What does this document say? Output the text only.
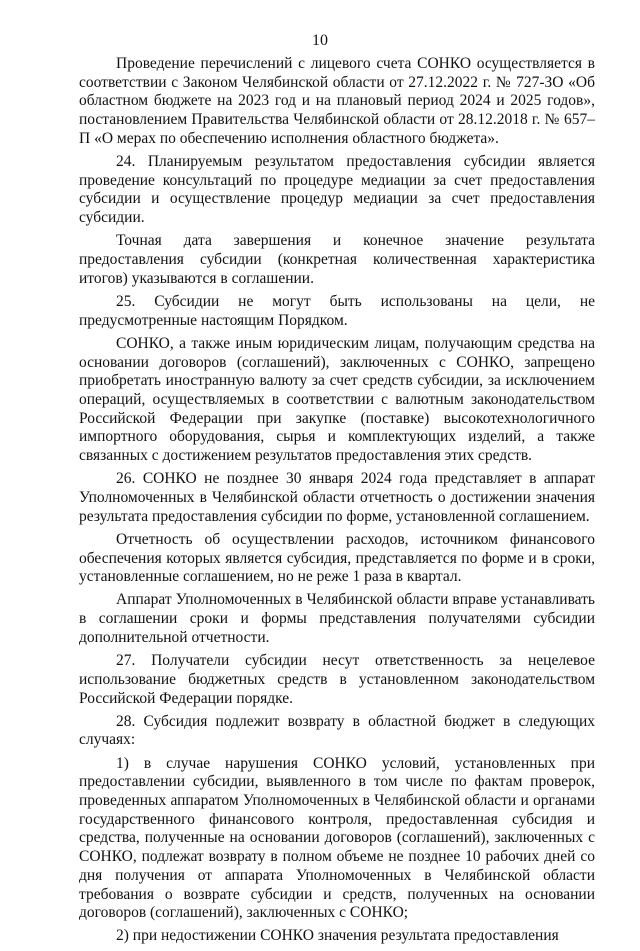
10

Проведение перечислений с лицевого счета СОНКО осуществляется в соответствии с Законом Челябинской области от 27.12.2022 г. № 727-ЗО «Об областном бюджете на 2023 год и на плановый период 2024 и 2025 годов», постановлением Правительства Челябинской области от 28.12.2018 г. № 657–П «О мерах по обеспечению исполнения областного бюджета».

24. Планируемым результатом предоставления субсидии является проведение консультаций по процедуре медиации за счет предоставления субсидии и осуществление процедур медиации за счет предоставления субсидии.

Точная дата завершения и конечное значение результата предоставления субсидии (конкретная количественная характеристика итогов) указываются в соглашении.

25. Субсидии не могут быть использованы на цели, не предусмотренные настоящим Порядком.

СОНКО, а также иным юридическим лицам, получающим средства на основании договоров (соглашений), заключенных с СОНКО, запрещено приобретать иностранную валюту за счет средств субсидии, за исключением операций, осуществляемых в соответствии с валютным законодательством Российской Федерации при закупке (поставке) высокотехнологичного импортного оборудования, сырья и комплектующих изделий, а также связанных с достижением результатов предоставления этих средств.

26. СОНКО не позднее 30 января 2024 года представляет в аппарат Уполномоченных в Челябинской области отчетность о достижении значения результата предоставления субсидии по форме, установленной соглашением.

Отчетность об осуществлении расходов, источником финансового обеспечения которых является субсидия, представляется по форме и в сроки, установленные соглашением, но не реже 1 раза в квартал.

Аппарат Уполномоченных в Челябинской области вправе устанавливать в соглашении сроки и формы представления получателями субсидии дополнительной отчетности.

27. Получатели субсидии несут ответственность за нецелевое использование бюджетных средств в установленном законодательством Российской Федерации порядке.

28. Субсидия подлежит возврату в областной бюджет в следующих случаях:

1) в случае нарушения СОНКО условий, установленных при предоставлении субсидии, выявленного в том числе по фактам проверок, проведенных аппаратом Уполномоченных в Челябинской области и органами государственного финансового контроля, предоставленная субсидия и средства, полученные на основании договоров (соглашений), заключенных с СОНКО, подлежат возврату в полном объеме не позднее 10 рабочих дней со дня получения от аппарата Уполномоченных в Челябинской области требования о возврате субсидии и средств, полученных на основании договоров (соглашений), заключенных с СОНКО;

2) при недостижении СОНКО значения результата предоставления
